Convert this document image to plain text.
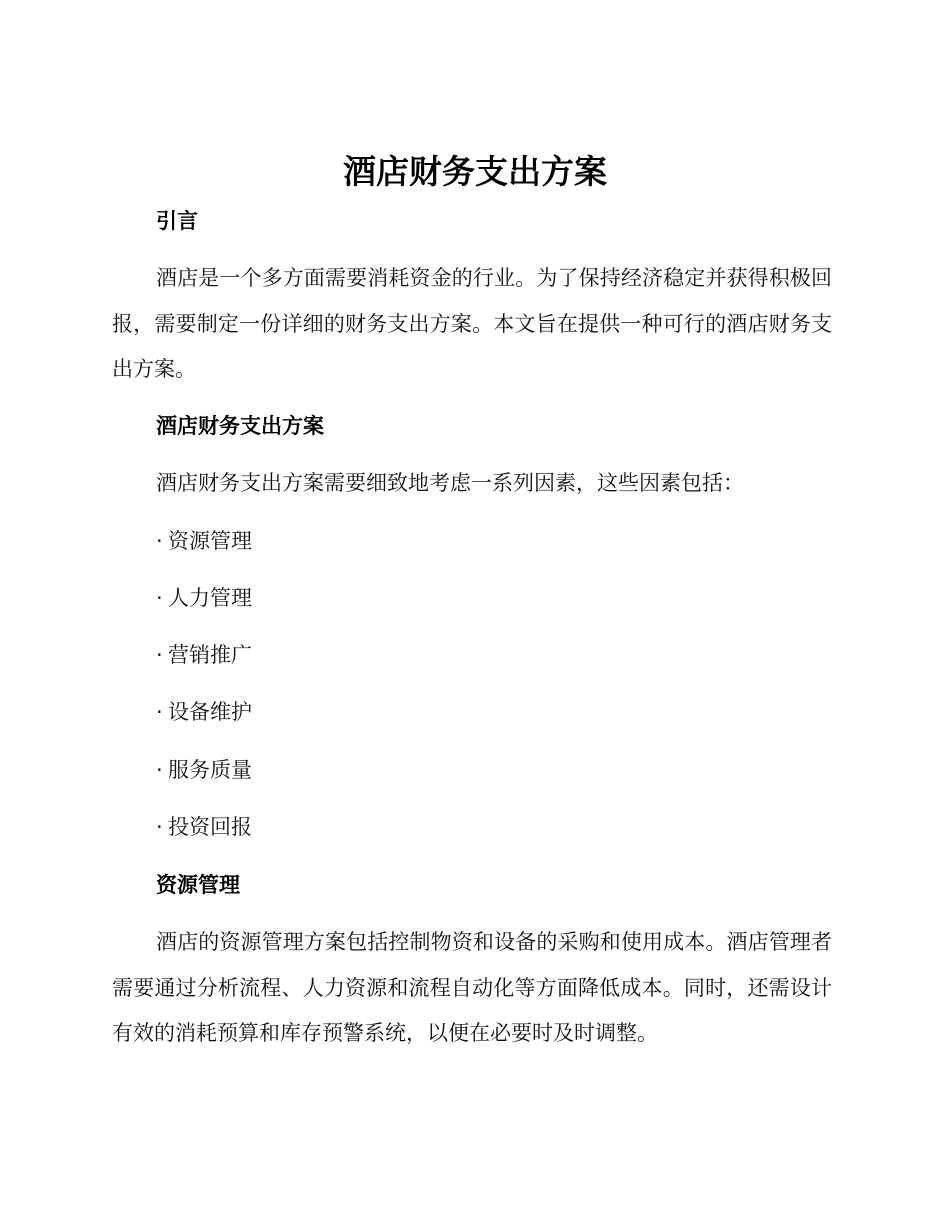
酒店财务支出方案
引言

酒店是一个多方面需要消耗资金的行业。为了保持经济稳定并获得积极回报，需要制定一份详细的财务支出方案。本文旨在提供一种可行的酒店财务支出方案。

酒店财务支出方案
酒店财务支出方案需要细致地考虑一系列因素，这些因素包括：
· 资源管理
· 人力管理
· 营销推广
· 设备维护
· 服务质量
· 投资回报
资源管理

酒店的资源管理方案包括控制物资和设备的采购和使用成本。酒店管理者需要通过分析流程、人力资源和流程自动化等方面降低成本。同时，还需设计有效的消耗预算和库存预警系统，以便在必要时及时调整。
